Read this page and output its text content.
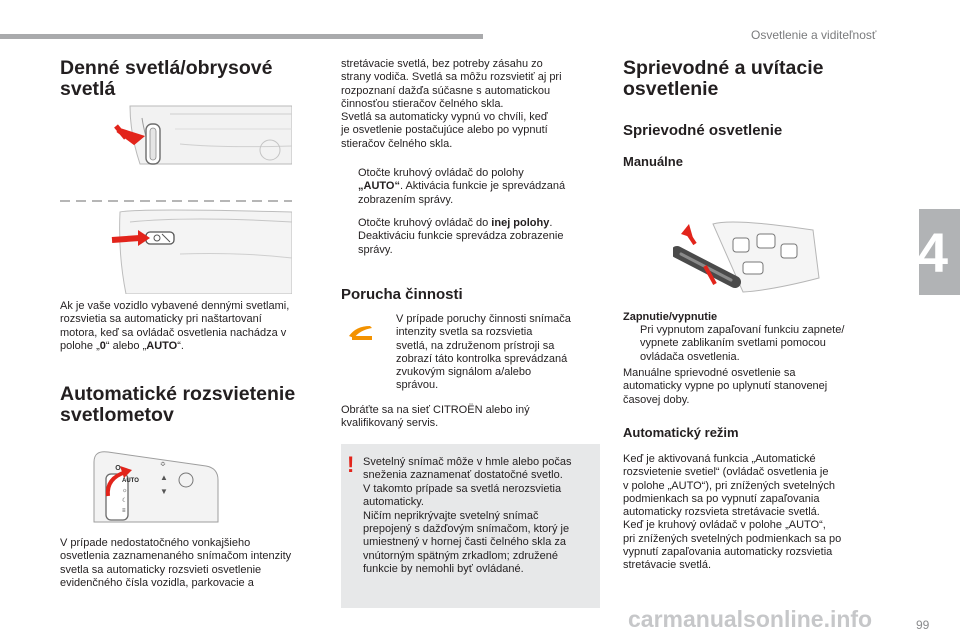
Osvetlenie a viditeľnosť
4
Denné svetlá/obrysové
svetlá
Ak je vaše vozidlo vybavené dennými svetlami,
rozsvietia sa automaticky pri naštartovaní
motora, keď sa ovládač osvetlenia nachádza v
polohe „0“ alebo „AUTO“.
Automatické rozsvietenie
svetlometov
O
AUTO
☼
☾
≡
≎
▲
▼
V prípade nedostatočného vonkajšieho
osvetlenia zaznamenaného snímačom intenzity
svetla sa automaticky rozsvieti osvetlenie
evidenčného čísla vozidla, parkovacie a
stretávacie svetlá, bez potreby zásahu zo
strany vodiča. Svetlá sa môžu rozsvietiť aj pri
rozpoznaní dažďa súčasne s automatickou
činnosťou stieračov čelného skla.
Svetlá sa automaticky vypnú vo chvíli, keď
je osvetlenie postačujúce alebo po vypnutí
stieračov čelného skla.
Otočte kruhový ovládač do polohy
„AUTO“. Aktivácia funkcie je sprevádzaná
zobrazením správy.
Otočte kruhový ovládač do inej polohy.
Deaktiváciu funkcie sprevádza zobrazenie
správy.
Porucha činnosti
V prípade poruchy činnosti snímača
intenzity svetla sa rozsvietia
svetlá, na združenom prístroji sa
zobrazí táto kontrolka sprevádzaná
zvukovým signálom a/alebo
správou.
Obráťte sa na sieť CITROËN alebo iný
kvalifikovaný servis.
! Svetelný snímač môže v hmle alebo počas
sneženia zaznamenať dostatočné svetlo.
V takomto prípade sa svetlá nerozsvietia
automaticky.
Ničím neprikrývajte svetelný snímač
prepojený s dažďovým snímačom, ktorý je
umiestnený v hornej časti čelného skla za
vnútorným spätným zrkadlom; združené
funkcie by nemohli byť ovládané.
Sprievodné a uvítacie
osvetlenie
Sprievodné osvetlenie
Manuálne
Zapnutie/vypnutie
Pri vypnutom zapaľovaní funkciu zapnete/
vypnete zablikaním svetlami pomocou
ovládača osvetlenia.
Manuálne sprievodné osvetlenie sa
automaticky vypne po uplynutí stanovenej
časovej doby.
Automatický režim
Keď je aktivovaná funkcia „Automatické
rozsvietenie svetiel“ (ovládač osvetlenia je
v polohe „AUTO“), pri znížených svetelných
podmienkach sa po vypnutí zapaľovania
automaticky rozsvieta stretávacie svetlá.
Keď je kruhový ovládač v polohe „AUTO“,
pri znížených svetelných podmienkach sa po
vypnutí zapaľovania automaticky rozsvietia
stretávacie svetlá.
carmanualsonline.info	99
